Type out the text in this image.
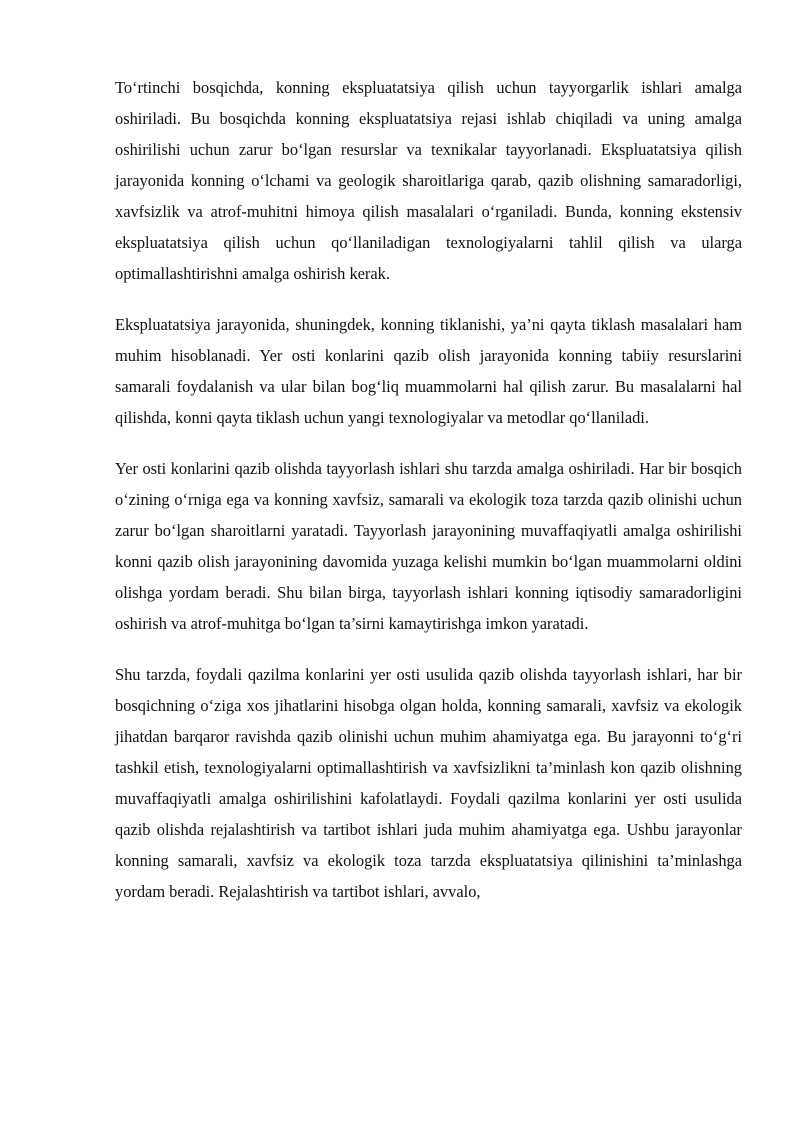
To‘rtinchi bosqichda, konning ekspluatatsiya qilish uchun tayyorgarlik ishlari amalga oshiriladi. Bu bosqichda konning ekspluatatsiya rejasi ishlab chiqiladi va uning amalga oshirilishi uchun zarur bo‘lgan resurslar va texnikalar tayyorlanadi. Ekspluatatsiya qilish jarayonida konning o‘lchami va geologik sharoitlariga qarab, qazib olishning samaradorligi, xavfsizlik va atrof-muhitni himoya qilish masalalari o‘rganiladi. Bunda, konning ekstensiv ekspluatatsiya qilish uchun qo‘llaniladigan texnologiyalarni tahlil qilish va ularga optimallashtirishni amalga oshirish kerak.

Ekspluatatsiya jarayonida, shuningdek, konning tiklanishi, ya’ni qayta tiklash masalalari ham muhim hisoblanadi. Yer osti konlarini qazib olish jarayonida konning tabiiy resurslarini samarali foydalanish va ular bilan bog‘liq muammolarni hal qilish zarur. Bu masalalarni hal qilishda, konni qayta tiklash uchun yangi texnologiyalar va metodlar qo‘llaniladi.

Yer osti konlarini qazib olishda tayyorlash ishlari shu tarzda amalga oshiriladi. Har bir bosqich o‘zining o‘rniga ega va konning xavfsiz, samarali va ekologik toza tarzda qazib olinishi uchun zarur bo‘lgan sharoitlarni yaratadi. Tayyorlash jarayonining muvaffaqiyatli amalga oshirilishi konni qazib olish jarayonining davomida yuzaga kelishi mumkin bo‘lgan muammolarni oldini olishga yordam beradi. Shu bilan birga, tayyorlash ishlari konning iqtisodiy samaradorligini oshirish va atrof-muhitga bo‘lgan ta’sirni kamaytirishga imkon yaratadi.

Shu tarzda, foydali qazilma konlarini yer osti usulida qazib olishda tayyorlash ishlari, har bir bosqichning o‘ziga xos jihatlarini hisobga olgan holda, konning samarali, xavfsiz va ekologik jihatdan barqaror ravishda qazib olinishi uchun muhim ahamiyatga ega. Bu jarayonni to‘g‘ri tashkil etish, texnologiyalarni optimallashtirish va xavfsizlikni ta’minlash kon qazib olishning muvaffaqiyatli amalga oshirilishini kafolatlaydi. Foydali qazilma konlarini yer osti usulida qazib olishda rejalashtirish va tartibot ishlari juda muhim ahamiyatga ega. Ushbu jarayonlar konning samarali, xavfsiz va ekologik toza tarzda ekspluatatsiya qilinishini ta’minlashga yordam beradi. Rejalashtirish va tartibot ishlari, avvalo,
